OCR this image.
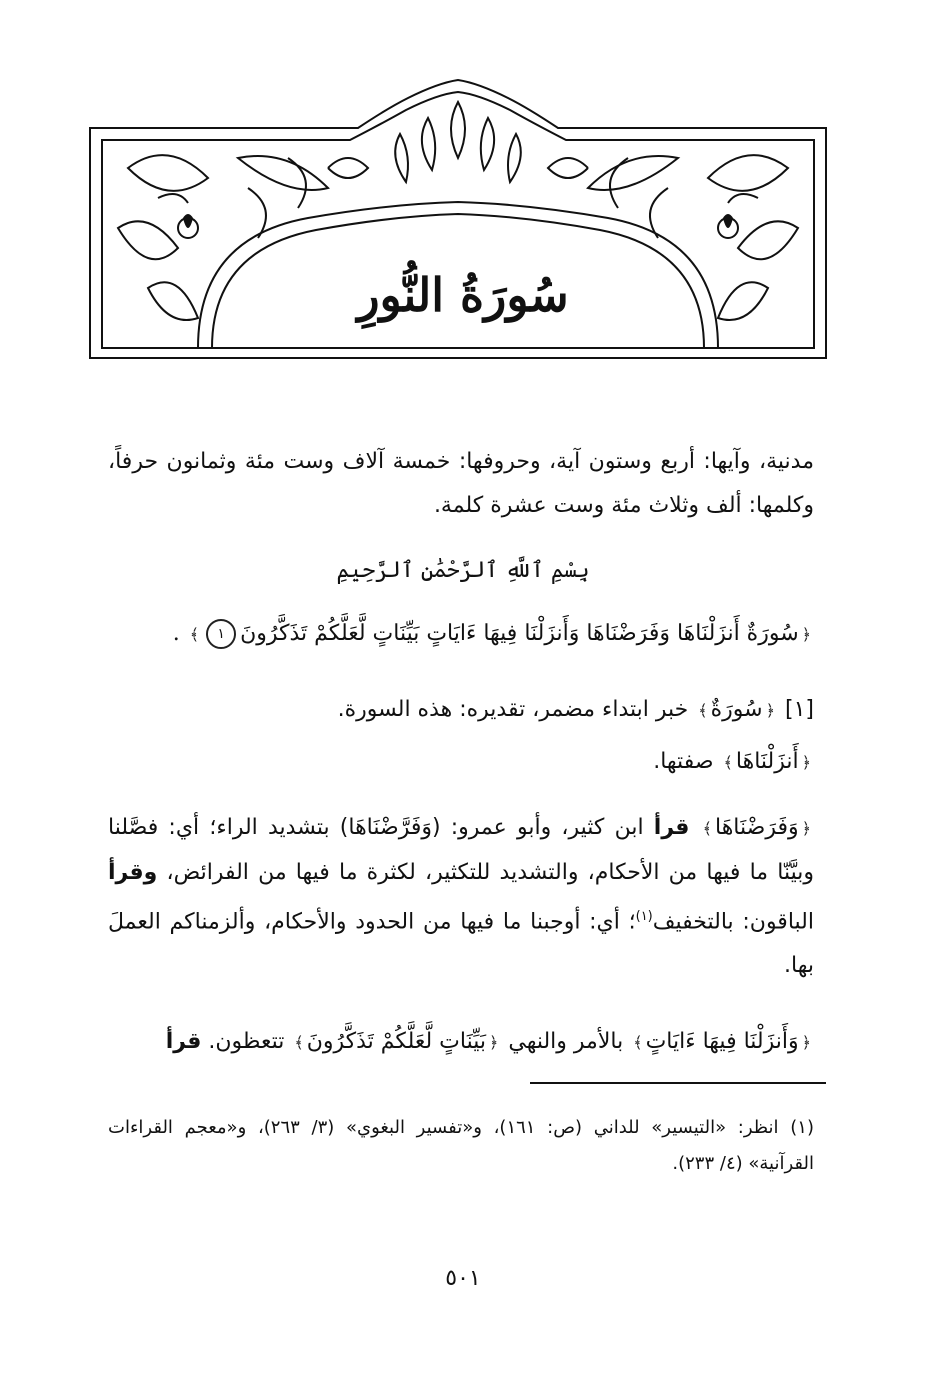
سُورَةُ النُّورِ
مدنية، وآيها: أربع وستون آية، وحروفها: خمسة آلاف وست مئة وثمانون حرفاً، وكلمها: ألف وثلاث مئة وست عشرة كلمة.
بِسْمِ ٱللَّهِ ٱلرَّحْمَٰنِ ٱلرَّحِيمِ
﴿سُورَةٌ أَنزَلْنَاهَا وَفَرَضْنَاهَا وَأَنزَلْنَا فِيهَا ءَايَاتٍ بَيِّنَاتٍ لَّعَلَّكُمْ تَذَكَّرُونَ١﴾ .
[١] ﴿سُورَةٌ﴾ خبر ابتداء مضمر، تقديره: هذه السورة.
﴿أَنزَلْنَاهَا﴾ صفتها.
﴿وَفَرَضْنَاهَا﴾ قرأ ابن كثير، وأبو عمرو: (وَفَرَّضْنَاهَا) بتشديد الراء؛ أي: فصَّلنا وبيَّنّا ما فيها من الأحكام، والتشديد للتكثير، لكثرة ما فيها من الفرائض، وقرأ الباقون: بالتخفيف$^{(١)}$؛ أي: أوجبنا ما فيها من الحدود والأحكام، وألزمناكم العملَ بها.
﴿وَأَنزَلْنَا فِيهَا ءَايَاتٍ﴾ بالأمر والنهي ﴿بَيِّنَاتٍ لَّعَلَّكُمْ تَذَكَّرُونَ﴾ تتعظون. قرأ
(١) انظر: «التيسير» للداني (ص: ١٦١)، و«تفسير البغوي» (٣/ ٢٦٣)، و«معجم القراءات القرآنية» (٤/ ٢٣٣).
٥٠١
